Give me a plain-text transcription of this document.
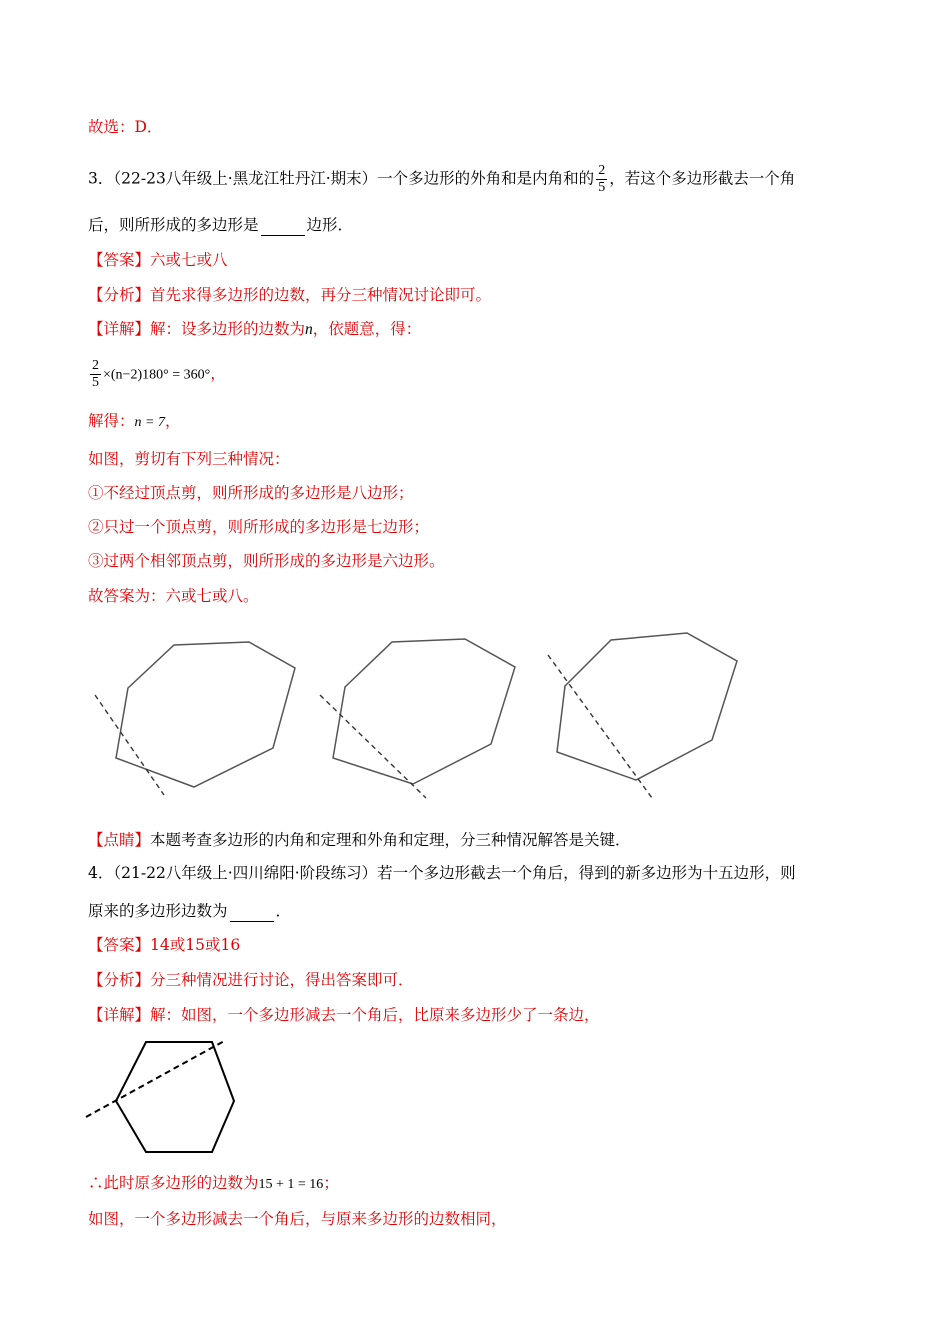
故选：D．
3．（22-23八年级上·黑龙江牡丹江·期末）一个多边形的外角和是内角和的 $\frac{2}{5}$ ，若这个多边形截去一个角
后，则所形成的多边形是	边形．
【答案】六或七或八
【分析】首先求得多边形的边数，再分三种情况讨论即可。
【详解】解：设多边形的边数为n，依题意，得：
$\frac{2}{5} \times(n-2)180^\circ = 360^\circ$，
解得：n = 7，
如图，剪切有下列三种情况：
①不经过顶点剪，则所形成的多边形是八边形；
②只过一个顶点剪，则所形成的多边形是七边形；
③过两个相邻顶点剪，则所形成的多边形是六边形。
故答案为：六或七或八。
【点睛】本题考查多边形的内角和定理和外角和定理，分三种情况解答是关键．
4．（21-22八年级上·四川绵阳·阶段练习）若一个多边形截去一个角后，得到的新多边形为十五边形，则
原来的多边形边数为	．
【答案】14或15或16
【分析】分三种情况进行讨论，得出答案即可．
【详解】解：如图，一个多边形减去一个角后，比原来多边形少了一条边，
∴此时原多边形的边数为15 + 1 = 16；
如图，一个多边形减去一个角后，与原来多边形的边数相同，
